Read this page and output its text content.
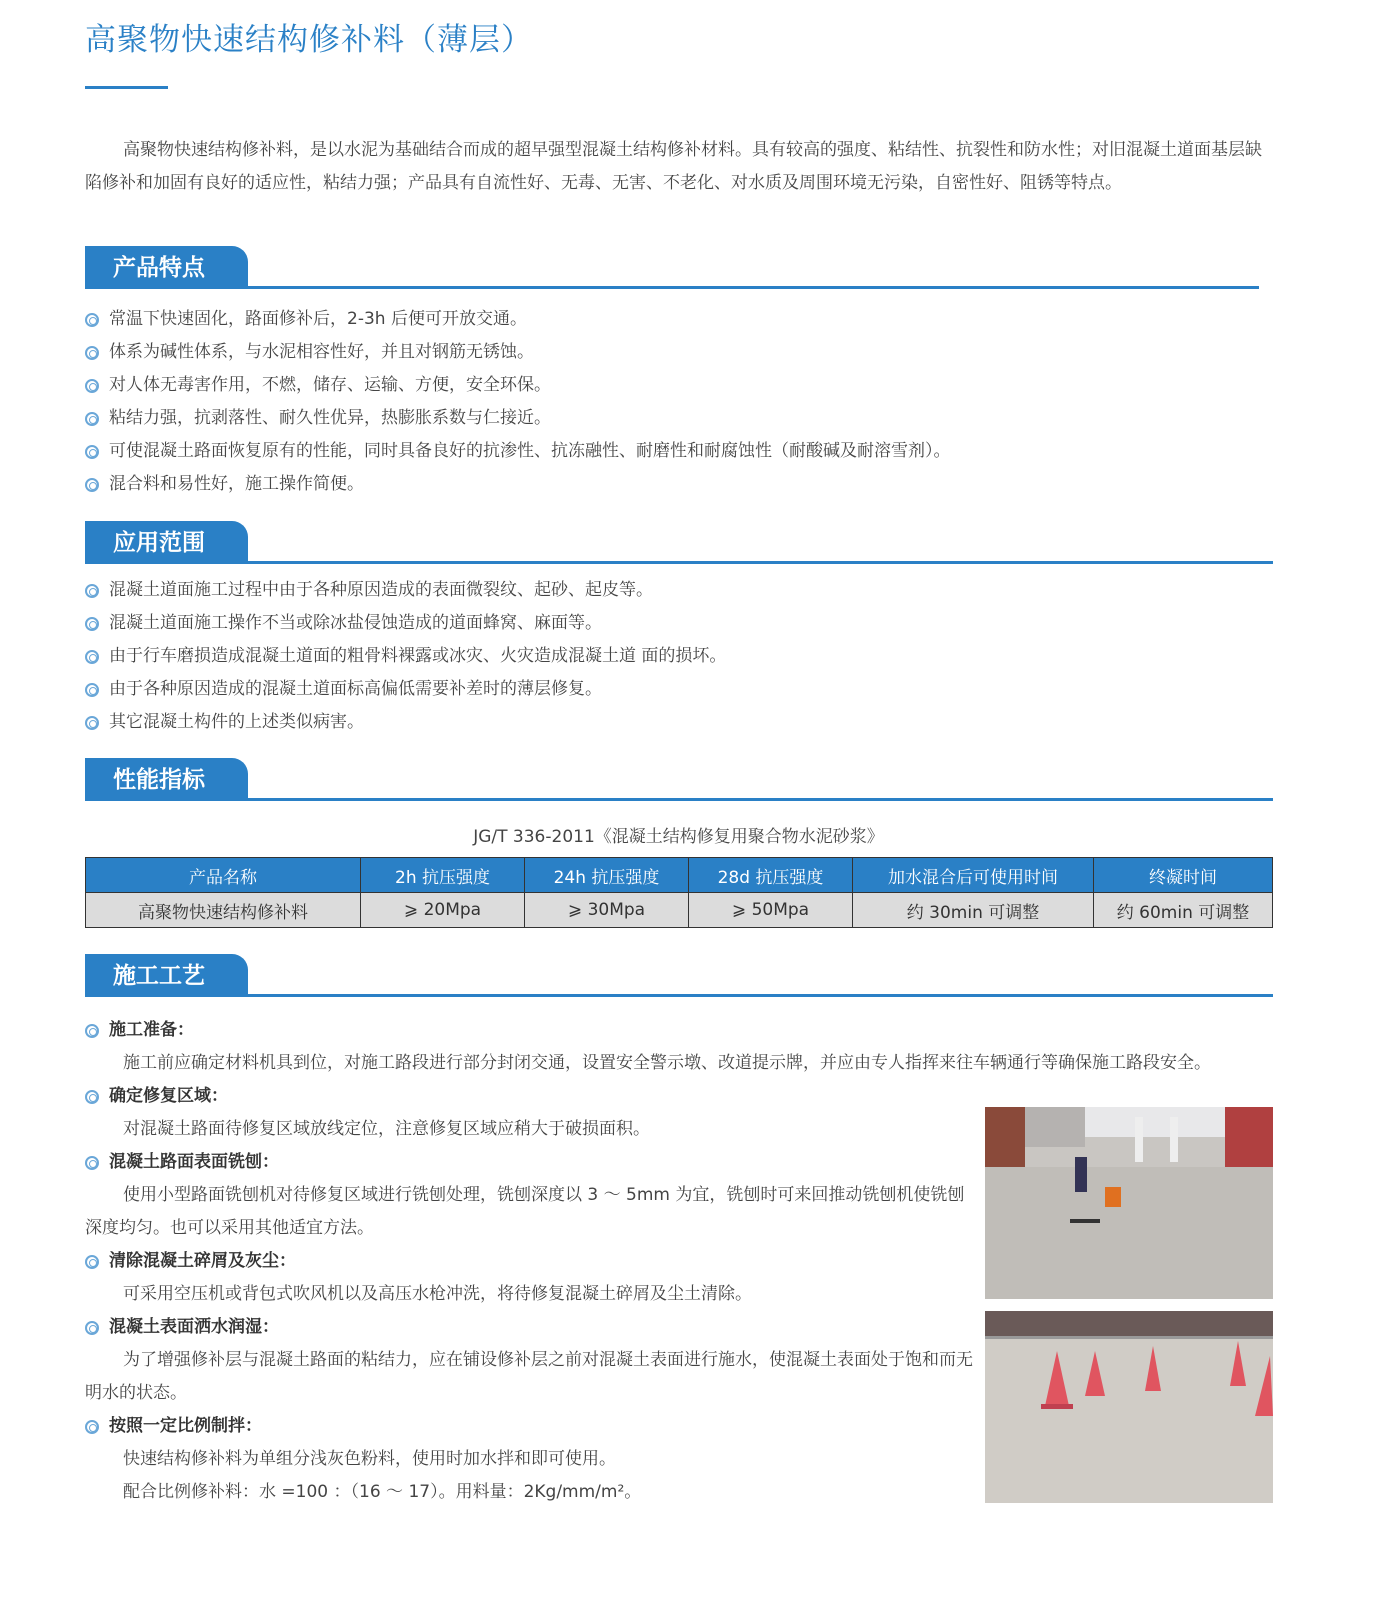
高聚物快速结构修补料（薄层）
高聚物快速结构修补料，是以水泥为基础结合而成的超早强型混凝土结构修补材料。具有较高的强度、粘结性、抗裂性和防水性；对旧混凝土道面基层缺陷修补和加固有良好的适应性，粘结力强；产品具有自流性好、无毒、无害、不老化、对水质及周围环境无污染，自密性好、阻锈等特点。
产品特点
常温下快速固化，路面修补后，2-3h 后便可开放交通。
体系为碱性体系，与水泥相容性好，并且对钢筋无锈蚀。
对人体无毒害作用，不燃，储存、运输、方便，安全环保。
粘结力强，抗剥落性、耐久性优异，热膨胀系数与仁接近。
可使混凝土路面恢复原有的性能，同时具备良好的抗渗性、抗冻融性、耐磨性和耐腐蚀性（耐酸碱及耐溶雪剂）。
混合料和易性好，施工操作简便。
应用范围
混凝土道面施工过程中由于各种原因造成的表面微裂纹、起砂、起皮等。
混凝土道面施工操作不当或除冰盐侵蚀造成的道面蜂窝、麻面等。
由于行车磨损造成混凝土道面的粗骨料裸露或冰灾、火灾造成混凝土道 面的损坏。
由于各种原因造成的混凝土道面标高偏低需要补差时的薄层修复。
其它混凝土构件的上述类似病害。
性能指标
JG/T 336-2011《混凝土结构修复用聚合物水泥砂浆》
产品名称	2h 抗压强度	24h 抗压强度	28d 抗压强度	加水混合后可使用时间	终凝时间
高聚物快速结构修补料	⩾ 20Mpa	⩾ 30Mpa	⩾ 50Mpa	约 30min 可调整	约 60min 可调整
施工工艺
施工准备：

施工前应确定材料机具到位，对施工路段进行部分封闭交通，设置安全警示墩、改道提示牌，并应由专人指挥来往车辆通行等确保施工路段安全。

确定修复区域：

对混凝土路面待修复区域放线定位，注意修复区域应稍大于破损面积。

混凝土路面表面铣刨：

使用小型路面铣刨机对待修复区域进行铣刨处理，铣刨深度以 3 ～ 5mm 为宜，铣刨时可来回推动铣刨机使铣刨深度均匀。也可以采用其他适宜方法。

清除混凝土碎屑及灰尘：

可采用空压机或背包式吹风机以及高压水枪冲洗，将待修复混凝土碎屑及尘土清除。

混凝土表面洒水润湿：

为了增强修补层与混凝土路面的粘结力，应在铺设修补层之前对混凝土表面进行施水，使混凝土表面处于饱和而无明水的状态。

按照一定比例制拌：

快速结构修补料为单组分浅灰色粉料，使用时加水拌和即可使用。

配合比例修补料：水 =100 ：（16 ～ 17）。用料量：2Kg/mm/m²。
